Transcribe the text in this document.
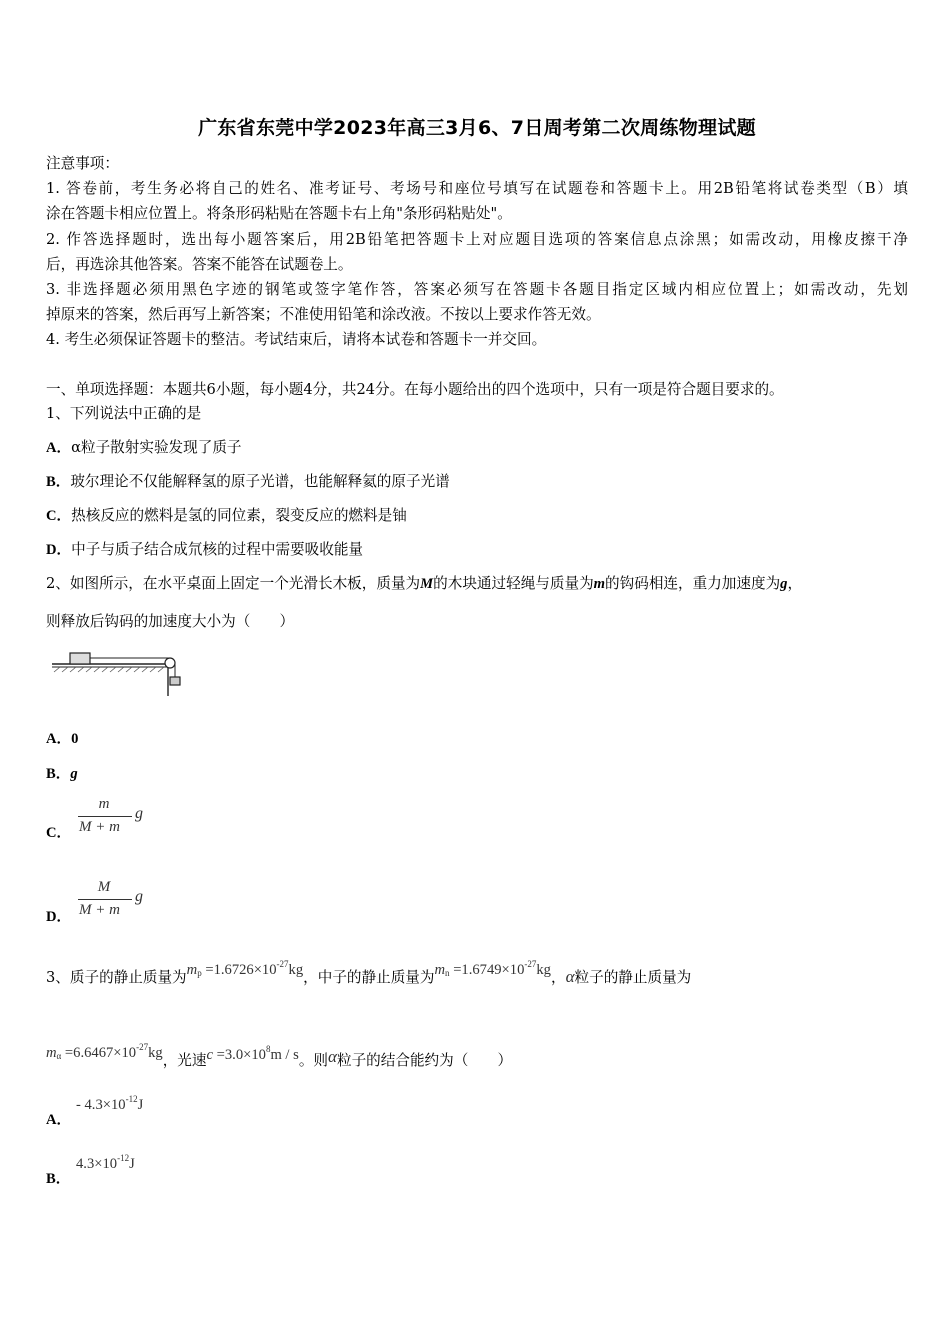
广东省东莞中学2023年高三3月6、7日周考第二次周练物理试题
注意事项：
1. 答卷前，考生务必将自己的姓名、准考证号、考场号和座位号填写在试题卷和答题卡上。用2B铅笔将试卷类型（B）填
涂在答题卡相应位置上。将条形码粘贴在答题卡右上角"条形码粘贴处"。
2. 作答选择题时，选出每小题答案后，用2B铅笔把答题卡上对应题目选项的答案信息点涂黑；如需改动，用橡皮擦干净
后，再选涂其他答案。答案不能答在试题卷上。
3. 非选择题必须用黑色字迹的钢笔或签字笔作答，答案必须写在答题卡各题目指定区域内相应位置上；如需改动，先划
掉原来的答案，然后再写上新答案；不准使用铅笔和涂改液。不按以上要求作答无效。
4. 考生必须保证答题卡的整洁。考试结束后，请将本试卷和答题卡一并交回。
一、单项选择题：本题共6小题，每小题4分，共24分。在每小题给出的四个选项中，只有一项是符合题目要求的。
1、下列说法中正确的是
A．α粒子散射实验发现了质子
B．玻尔理论不仅能解释氢的原子光谱，也能解释氦的原子光谱
C．热核反应的燃料是氢的同位素，裂变反应的燃料是铀
D．中子与质子结合成氘核的过程中需要吸收能量
2、如图所示，在水平桌面上固定一个光滑长木板，质量为M的木块通过轻绳与质量为m的钩码相连，重力加速度为g，
则释放后钩码的加速度大小为（　　）
A．0
B．g
C．
m
M + m
g
D．
M
M + m
g
3、质子的静止质量为$m_p =1.6726\times 10^{-27}kg$，中子的静止质量为$m_n =1.6749\times 10^{-27}kg$，α粒子的静止质量为
$m_\alpha =6.6467\times 10^{-27}kg$，光速$c =3.0\times 10^8m / s$。则α粒子的结合能约为（　　）
A．
- $4.3\times 10^{-12}J$
B．
$4.3\times 10^{-12}J$
